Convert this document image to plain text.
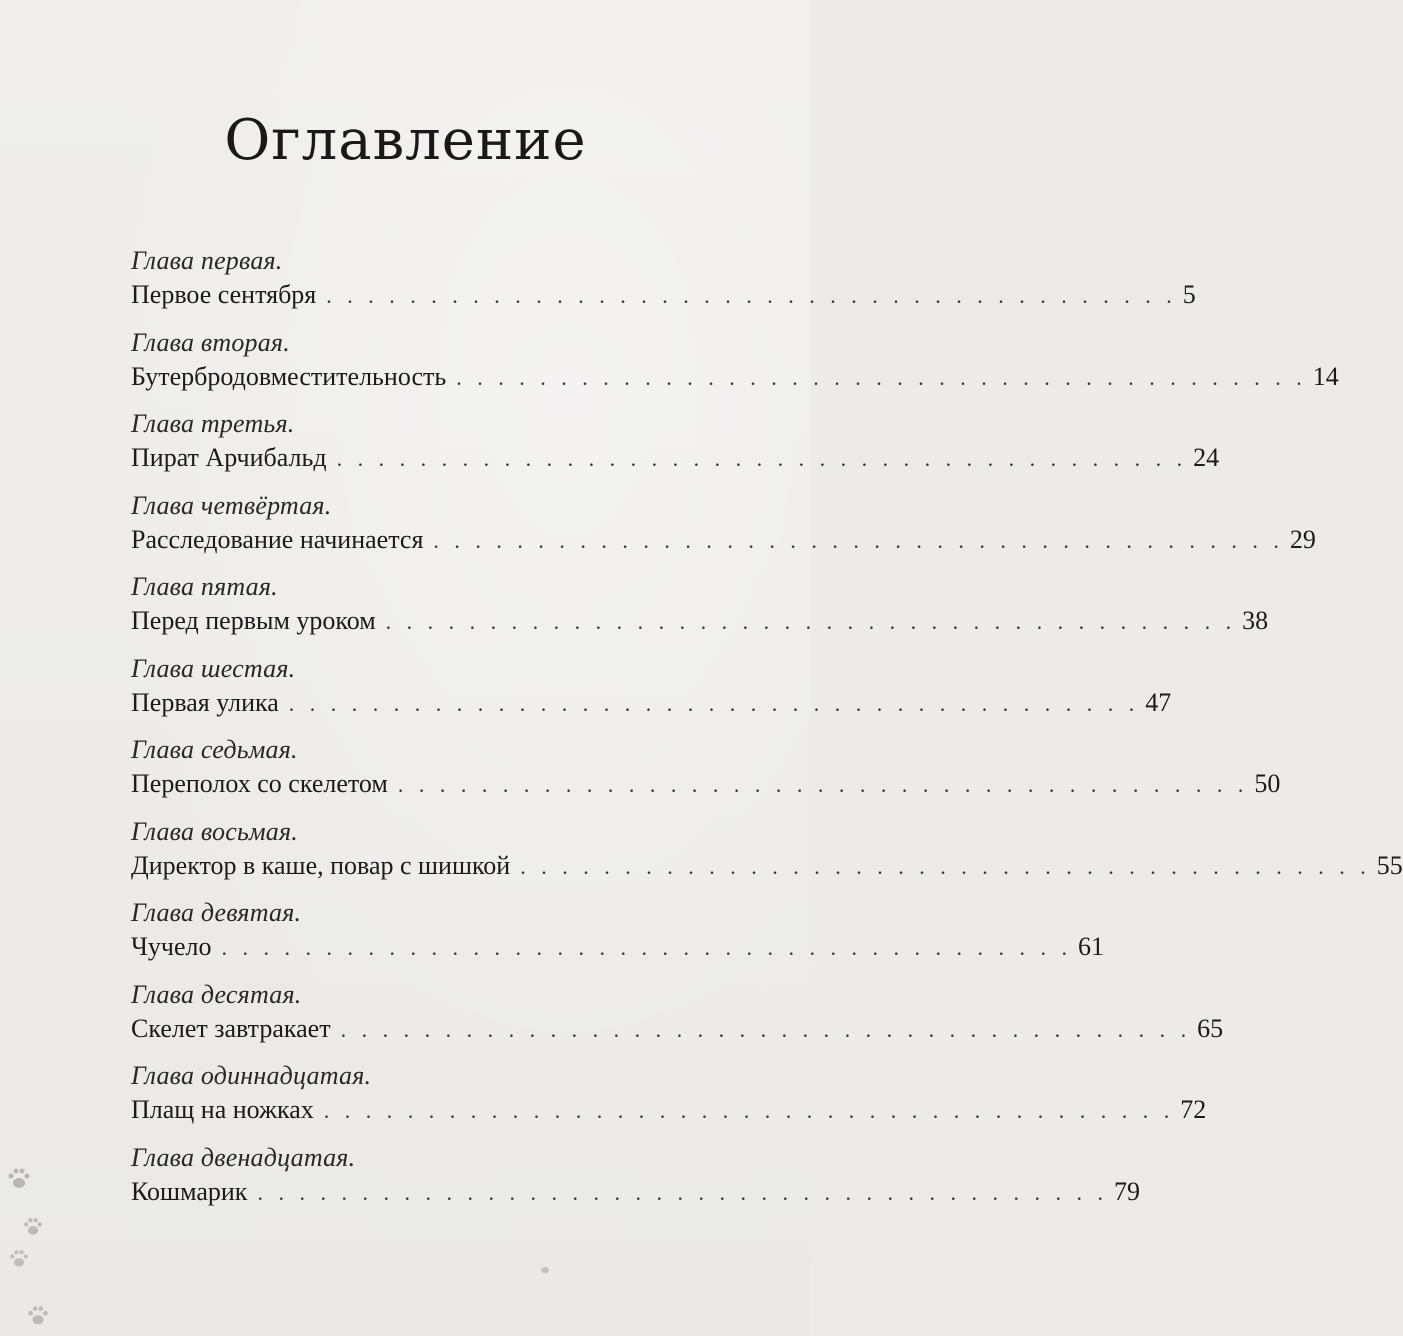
Оглавление
Глава первая.
Первое сентября . . . . . . . . . . . . . . . . . . . . . . . . . . . . . . . . . . . . . . . . . 5
Глава вторая.
Бутербродовместительность . . . . . . . . . . . . . . . . . . . . . . . . . . . . . . . . . . . . . . . . . 14
Глава третья.
Пират Арчибальд . . . . . . . . . . . . . . . . . . . . . . . . . . . . . . . . . . . . . . . . . 24
Глава четвёртая.
Расследование начинается . . . . . . . . . . . . . . . . . . . . . . . . . . . . . . . . . . . . . . . . . 29
Глава пятая.
Перед первым уроком . . . . . . . . . . . . . . . . . . . . . . . . . . . . . . . . . . . . . . . . . 38
Глава шестая.
Первая улика . . . . . . . . . . . . . . . . . . . . . . . . . . . . . . . . . . . . . . . . . 47
Глава седьмая.
Переполох со скелетом . . . . . . . . . . . . . . . . . . . . . . . . . . . . . . . . . . . . . . . . . 50
Глава восьмая.
Директор в каше, повар с шишкой . . . . . . . . . . . . . . . . . . . . . . . . . . . . . . . . . . . . . . . . . 55
Глава девятая.
Чучело . . . . . . . . . . . . . . . . . . . . . . . . . . . . . . . . . . . . . . . . . 61
Глава десятая.
Скелет завтракает . . . . . . . . . . . . . . . . . . . . . . . . . . . . . . . . . . . . . . . . . 65
Глава одиннадцатая.
Плащ на ножках . . . . . . . . . . . . . . . . . . . . . . . . . . . . . . . . . . . . . . . . . 72
Глава двенадцатая.
Кошмарик . . . . . . . . . . . . . . . . . . . . . . . . . . . . . . . . . . . . . . . . . 79
